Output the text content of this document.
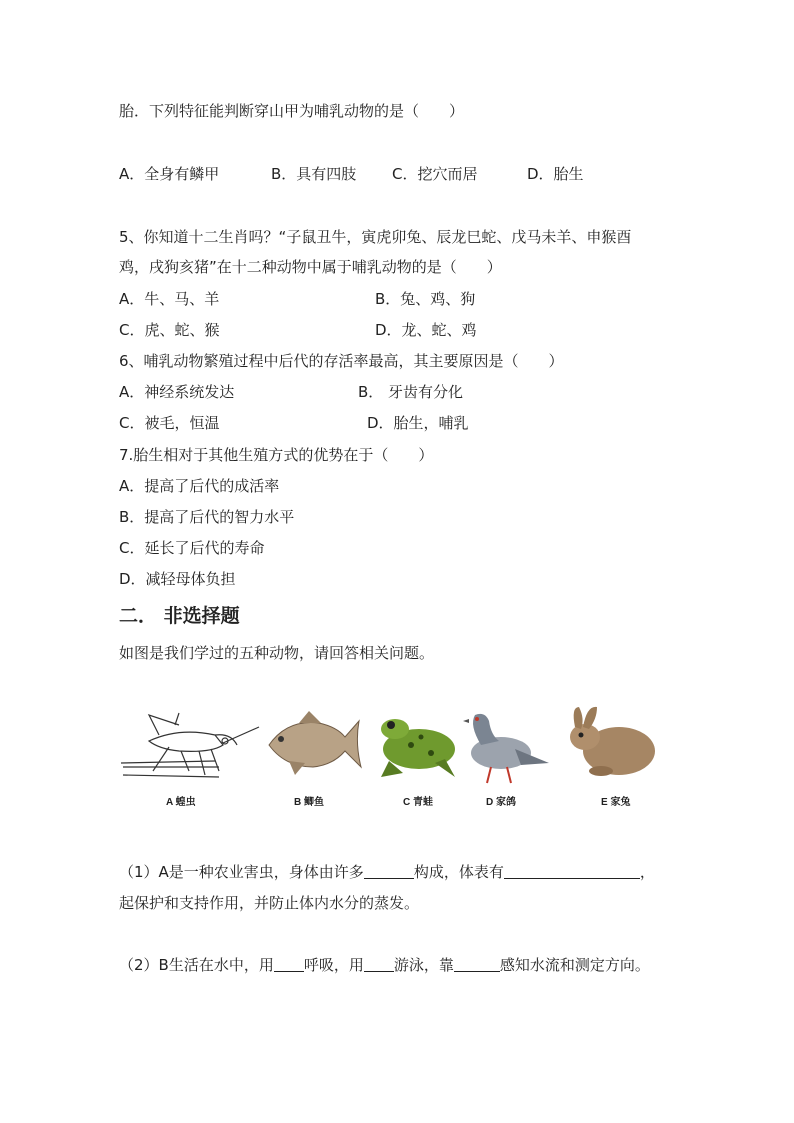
胎．下列特征能判断穿山甲为哺乳动物的是（　　）
A．全身有鳞甲	B．具有四肢 C．挖穴而居	D．胎生
5、你知道十二生肖吗？“子鼠丑牛，寅虎卯兔、辰龙巳蛇、戊马未羊、申猴酉
鸡，戌狗亥猪”在十二种动物中属于哺乳动物的是（　　）
A．牛、马、羊	B．兔、鸡、狗
C．虎、蛇、猴	D．龙、蛇、鸡
6、哺乳动物繁殖过程中后代的存活率最高，其主要原因是（　　）
A．神经系统发达	B． 牙齿有分化
C．被毛，恒温	D．胎生，哺乳
7.胎生相对于其他生殖方式的优势在于（　　）
A．提高了后代的成活率
B．提高了后代的智力水平
C．延长了后代的寿命
D．减轻母体负担
二． 非选择题
如图是我们学过的五种动物，请回答相关问题。
A 蝗虫	B 鲫鱼	C 青蛙	D 家鸽	E 家兔
（1）A是一种农业害虫，身体由许多	构成，体表有	，
起保护和支持作用，并防止体内水分的蒸发。
（2）B生活在水中，用 呼吸，用 游泳，靠	感知水流和测定方向。
